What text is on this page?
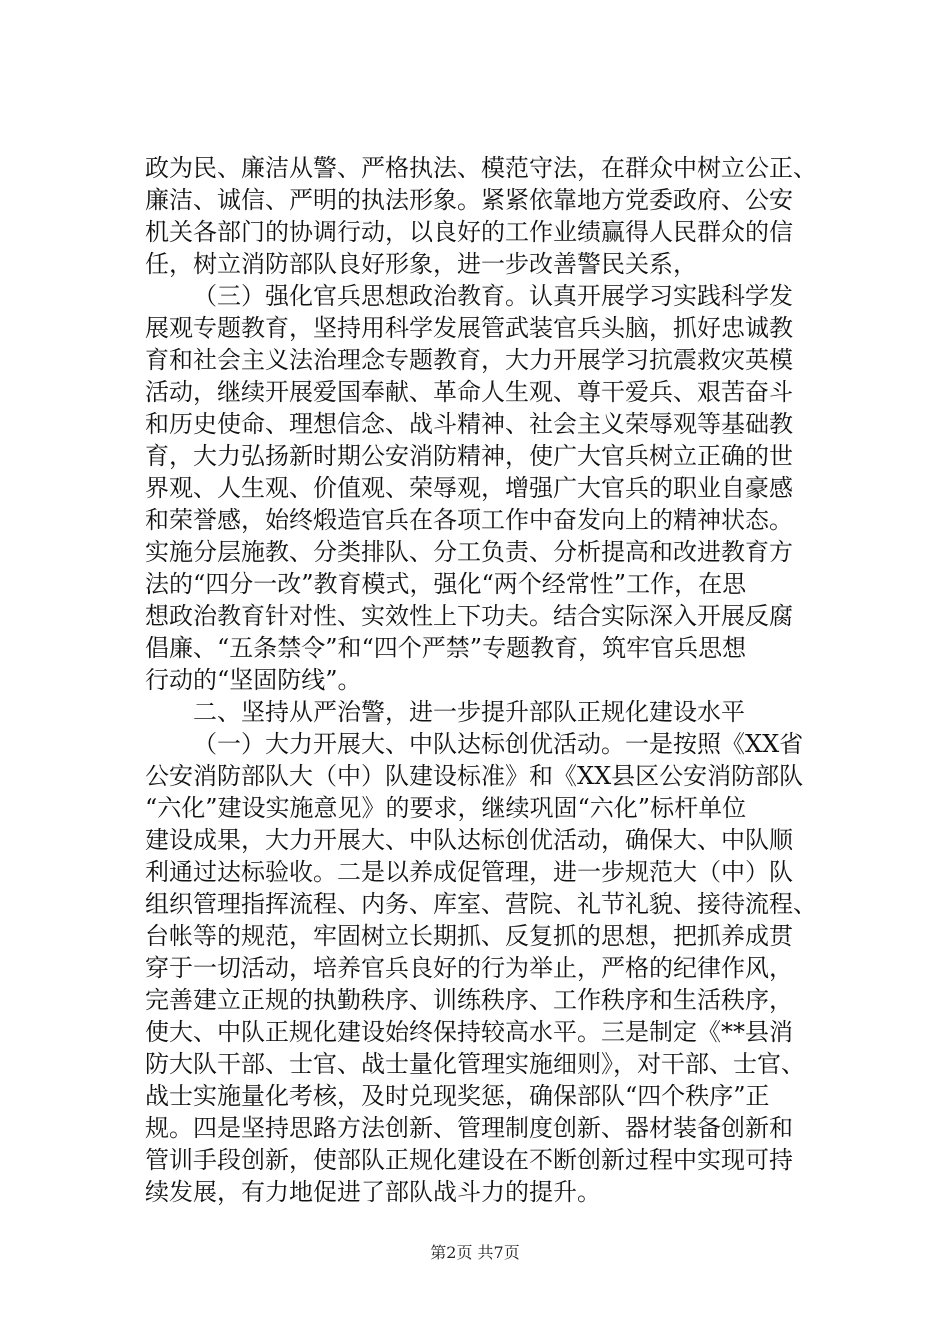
政为民、廉洁从警、严格执法、模范守法，在群众中树立公正、
廉洁、诚信、严明的执法形象。紧紧依靠地方党委政府、公安
机关各部门的协调行动，以良好的工作业绩赢得人民群众的信
任，树立消防部队良好形象，进一步改善警民关系，
（三）强化官兵思想政治教育。认真开展学习实践科学发
展观专题教育，坚持用科学发展管武装官兵头脑，抓好忠诚教
育和社会主义法治理念专题教育，大力开展学习抗震救灾英模
活动，继续开展爱国奉献、革命人生观、尊干爱兵、艰苦奋斗
和历史使命、理想信念、战斗精神、社会主义荣辱观等基础教
育，大力弘扬新时期公安消防精神，使广大官兵树立正确的世
界观、人生观、价值观、荣辱观，增强广大官兵的职业自豪感
和荣誉感，始终煅造官兵在各项工作中奋发向上的精神状态。
实施分层施教、分类排队、分工负责、分析提高和改进教育方
法的“四分一改”教育模式，强化“两个经常性”工作，在思
想政治教育针对性、实效性上下功夫。结合实际深入开展反腐
倡廉、“五条禁令”和“四个严禁”专题教育，筑牢官兵思想
行动的“坚固防线”。
二、坚持从严治警，进一步提升部队正规化建设水平
（一）大力开展大、中队达标创优活动。一是按照《XX省
公安消防部队大（中）队建设标准》和《XX县区公安消防部队
“六化”建设实施意见》的要求，继续巩固“六化”标杆单位
建设成果，大力开展大、中队达标创优活动，确保大、中队顺
利通过达标验收。二是以养成促管理，进一步规范大（中）队
组织管理指挥流程、内务、库室、营院、礼节礼貌、接待流程、
台帐等的规范，牢固树立长期抓、反复抓的思想，把抓养成贯
穿于一切活动，培养官兵良好的行为举止，严格的纪律作风，
完善建立正规的执勤秩序、训练秩序、工作秩序和生活秩序，
使大、中队正规化建设始终保持较高水平。三是制定《**县消
防大队干部、士官、战士量化管理实施细则》，对干部、士官、
战士实施量化考核，及时兑现奖惩，确保部队“四个秩序”正
规。四是坚持思路方法创新、管理制度创新、器材装备创新和
管训手段创新，使部队正规化建设在不断创新过程中实现可持
续发展，有力地促进了部队战斗力的提升。
第2页 共7页
